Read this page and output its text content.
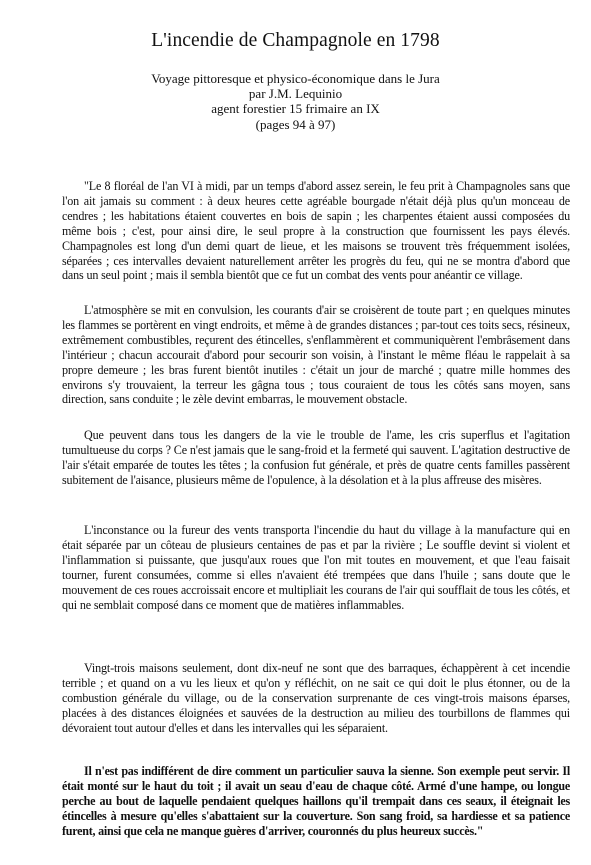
L'incendie de Champagnole en 1798
Voyage pittoresque et physico-économique dans le Jura
par J.M. Lequinio
agent forestier 15 frimaire an IX
(pages 94 à 97)

"Le 8 floréal de l'an VI à midi, par un temps d'abord assez serein, le feu prit à Champagnoles sans que l'on ait jamais su comment : à deux heures cette agréable bourgade n'était déjà plus qu'un monceau de cendres ; les habitations étaient couvertes en bois de sapin ; les charpentes étaient aussi composées du même bois ; c'est, pour ainsi dire, le seul propre à la construction que fournissent les pays élevés. Champagnoles est long d'un demi quart de lieue, et les maisons se trouvent très fréquemment isolées, séparées ; ces intervalles devaient naturellement arrêter les progrès du feu, qui ne se montra d'abord que dans un seul point ; mais il sembla bientôt que ce fut un combat des vents pour anéantir ce village.

L'atmosphère se mit en convulsion, les courants d'air se croisèrent de toute part ; en quelques minutes les flammes se portèrent en vingt endroits, et même à de grandes distances ; par-tout ces toits secs, résineux, extrêmement combustibles, reçurent des étincelles, s'enflammèrent et communiquèrent l'embrâsement dans l'intérieur ; chacun accourait d'abord pour secourir son voisin, à l'instant le même fléau le rappelait à sa propre demeure ; les bras furent bientôt inutiles : c'était un jour de marché ; quatre mille hommes des environs s'y trouvaient, la terreur les gâgna tous ; tous couraient de tous les côtés sans moyen, sans direction, sans conduite ; le zèle devint embarras, le mouvement obstacle.

Que peuvent dans tous les dangers de la vie le trouble de l'ame, les cris superflus et l'agitation tumultueuse du corps ? Ce n'est jamais que le sang-froid et la fermeté qui sauvent. L'agitation destructive de l'air s'était emparée de toutes les têtes ; la confusion fut générale, et près de quatre cents familles passèrent subitement de l'aisance, plusieurs même de l'opulence, à la désolation et à la plus affreuse des misères.

L'inconstance ou la fureur des vents transporta l'incendie du haut du village à la manufacture qui en était séparée par un côteau de plusieurs centaines de pas et par la rivière ; Le souffle devint si violent et l'inflammation si puissante, que jusqu'aux roues que l'on mit toutes en mouvement, et que l'eau faisait tourner, furent consumées, comme si elles n'avaient été trempées que dans l'huile ; sans doute que le mouvement de ces roues accroissait encore et multipliait les courans de l'air qui soufflait de tous les côtés, et qui ne semblait composé dans ce moment que de matières inflammables.

Vingt-trois maisons seulement, dont dix-neuf ne sont que des barraques, échappèrent à cet incendie terrible ; et quand on a vu les lieux et qu'on y réfléchit, on ne sait ce qui doit le plus étonner, ou de la combustion générale du village, ou de la conservation surprenante de ces vingt-trois maisons éparses, placées à des distances éloignées et sauvées de la destruction au milieu des tourbillons de flammes qui dévoraient tout autour d'elles et dans les intervalles qui les séparaient.

Il n'est pas indifférent de dire comment un particulier sauva la sienne. Son exemple peut servir. Il était monté sur le haut du toit ; il avait un seau d'eau de chaque côté. Armé d'une hampe, ou longue perche au bout de laquelle pendaient quelques haillons qu'il trempait dans ces seaux, il éteignait les étincelles à mesure qu'elles s'abattaient sur la couverture. Son sang froid, sa hardiesse et sa patience furent, ainsi que cela ne manque guères d'arriver, couronnés du plus heureux succès."
